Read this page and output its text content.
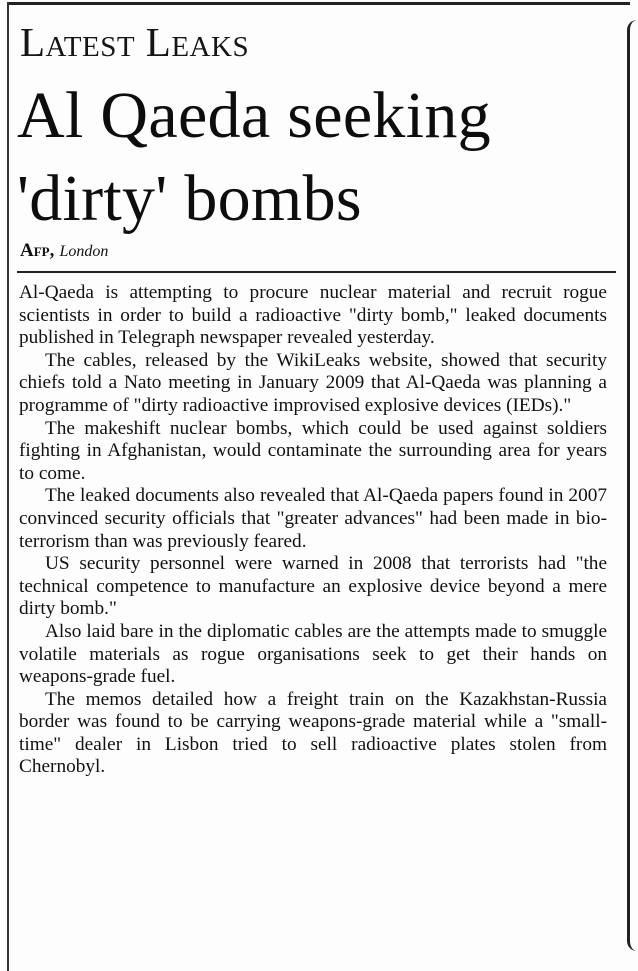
Latest Leaks
Al Qaeda seeking 'dirty' bombs
Afp, London

Al-Qaeda is attempting to procure nuclear material and recruit rogue scientists in order to build a radioactive "dirty bomb," leaked documents published in Telegraph newspaper revealed yesterday.

The cables, released by the WikiLeaks website, showed that security chiefs told a Nato meeting in January 2009 that Al-Qaeda was planning a programme of "dirty radioactive improvised explosive devices (IEDs)."

The makeshift nuclear bombs, which could be used against soldiers fighting in Afghanistan, would contaminate the surrounding area for years to come.

The leaked documents also revealed that Al-Qaeda papers found in 2007 convinced security officials that "greater advances" had been made in bio-terrorism than was previously feared.

US security personnel were warned in 2008 that terrorists had "the technical competence to manufacture an explosive device beyond a mere dirty bomb."

Also laid bare in the diplomatic cables are the attempts made to smuggle volatile materials as rogue organisations seek to get their hands on weapons-grade fuel.

The memos detailed how a freight train on the Kazakhstan-Russia border was found to be carrying weapons-grade material while a "small-time" dealer in Lisbon tried to sell radioactive plates stolen from Chernobyl.
